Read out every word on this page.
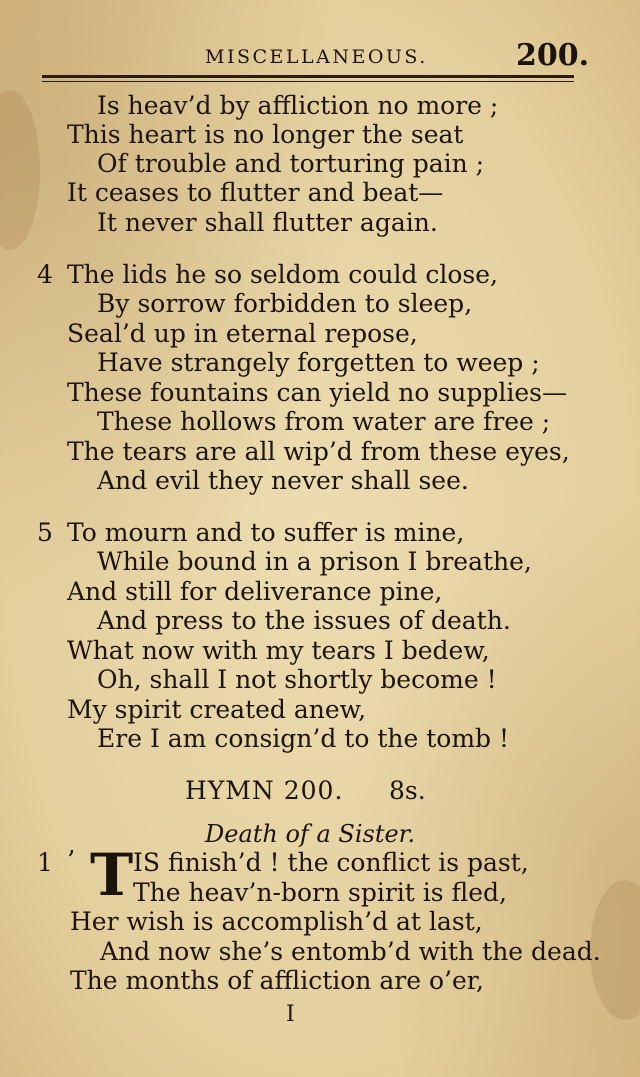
MISCELLANEOUS.	200.
Is heav’d by affliction no more ;
This heart is no longer the seat
Of trouble and torturing pain ;
It ceases to flutter and beat—
It never shall flutter again.
4 The lids he so seldom could close,
By sorrow forbidden to sleep,
Seal’d up in eternal repose,
Have strangely forgetten to weep ;
These fountains can yield no supplies—
These hollows from water are free ;
The tears are all wip’d from these eyes,
And evil they never shall see.
5 To mourn and to suffer is mine,
While bound in a prison I breathe,
And still for deliverance pine,
And press to the issues of death.
What now with my tears I bedew,
Oh, shall I not shortly become !
My spirit created anew,
Ere I am consign’d to the tomb !
HYMN 200. 8s.
Death of a Sister.
1 ’ T IS finish’d ! the conflict is past,
The heav’n-born spirit is fled,
Her wish is accomplish’d at last,
And now she’s entomb’d with the dead.
The months of affliction are o’er,
I
